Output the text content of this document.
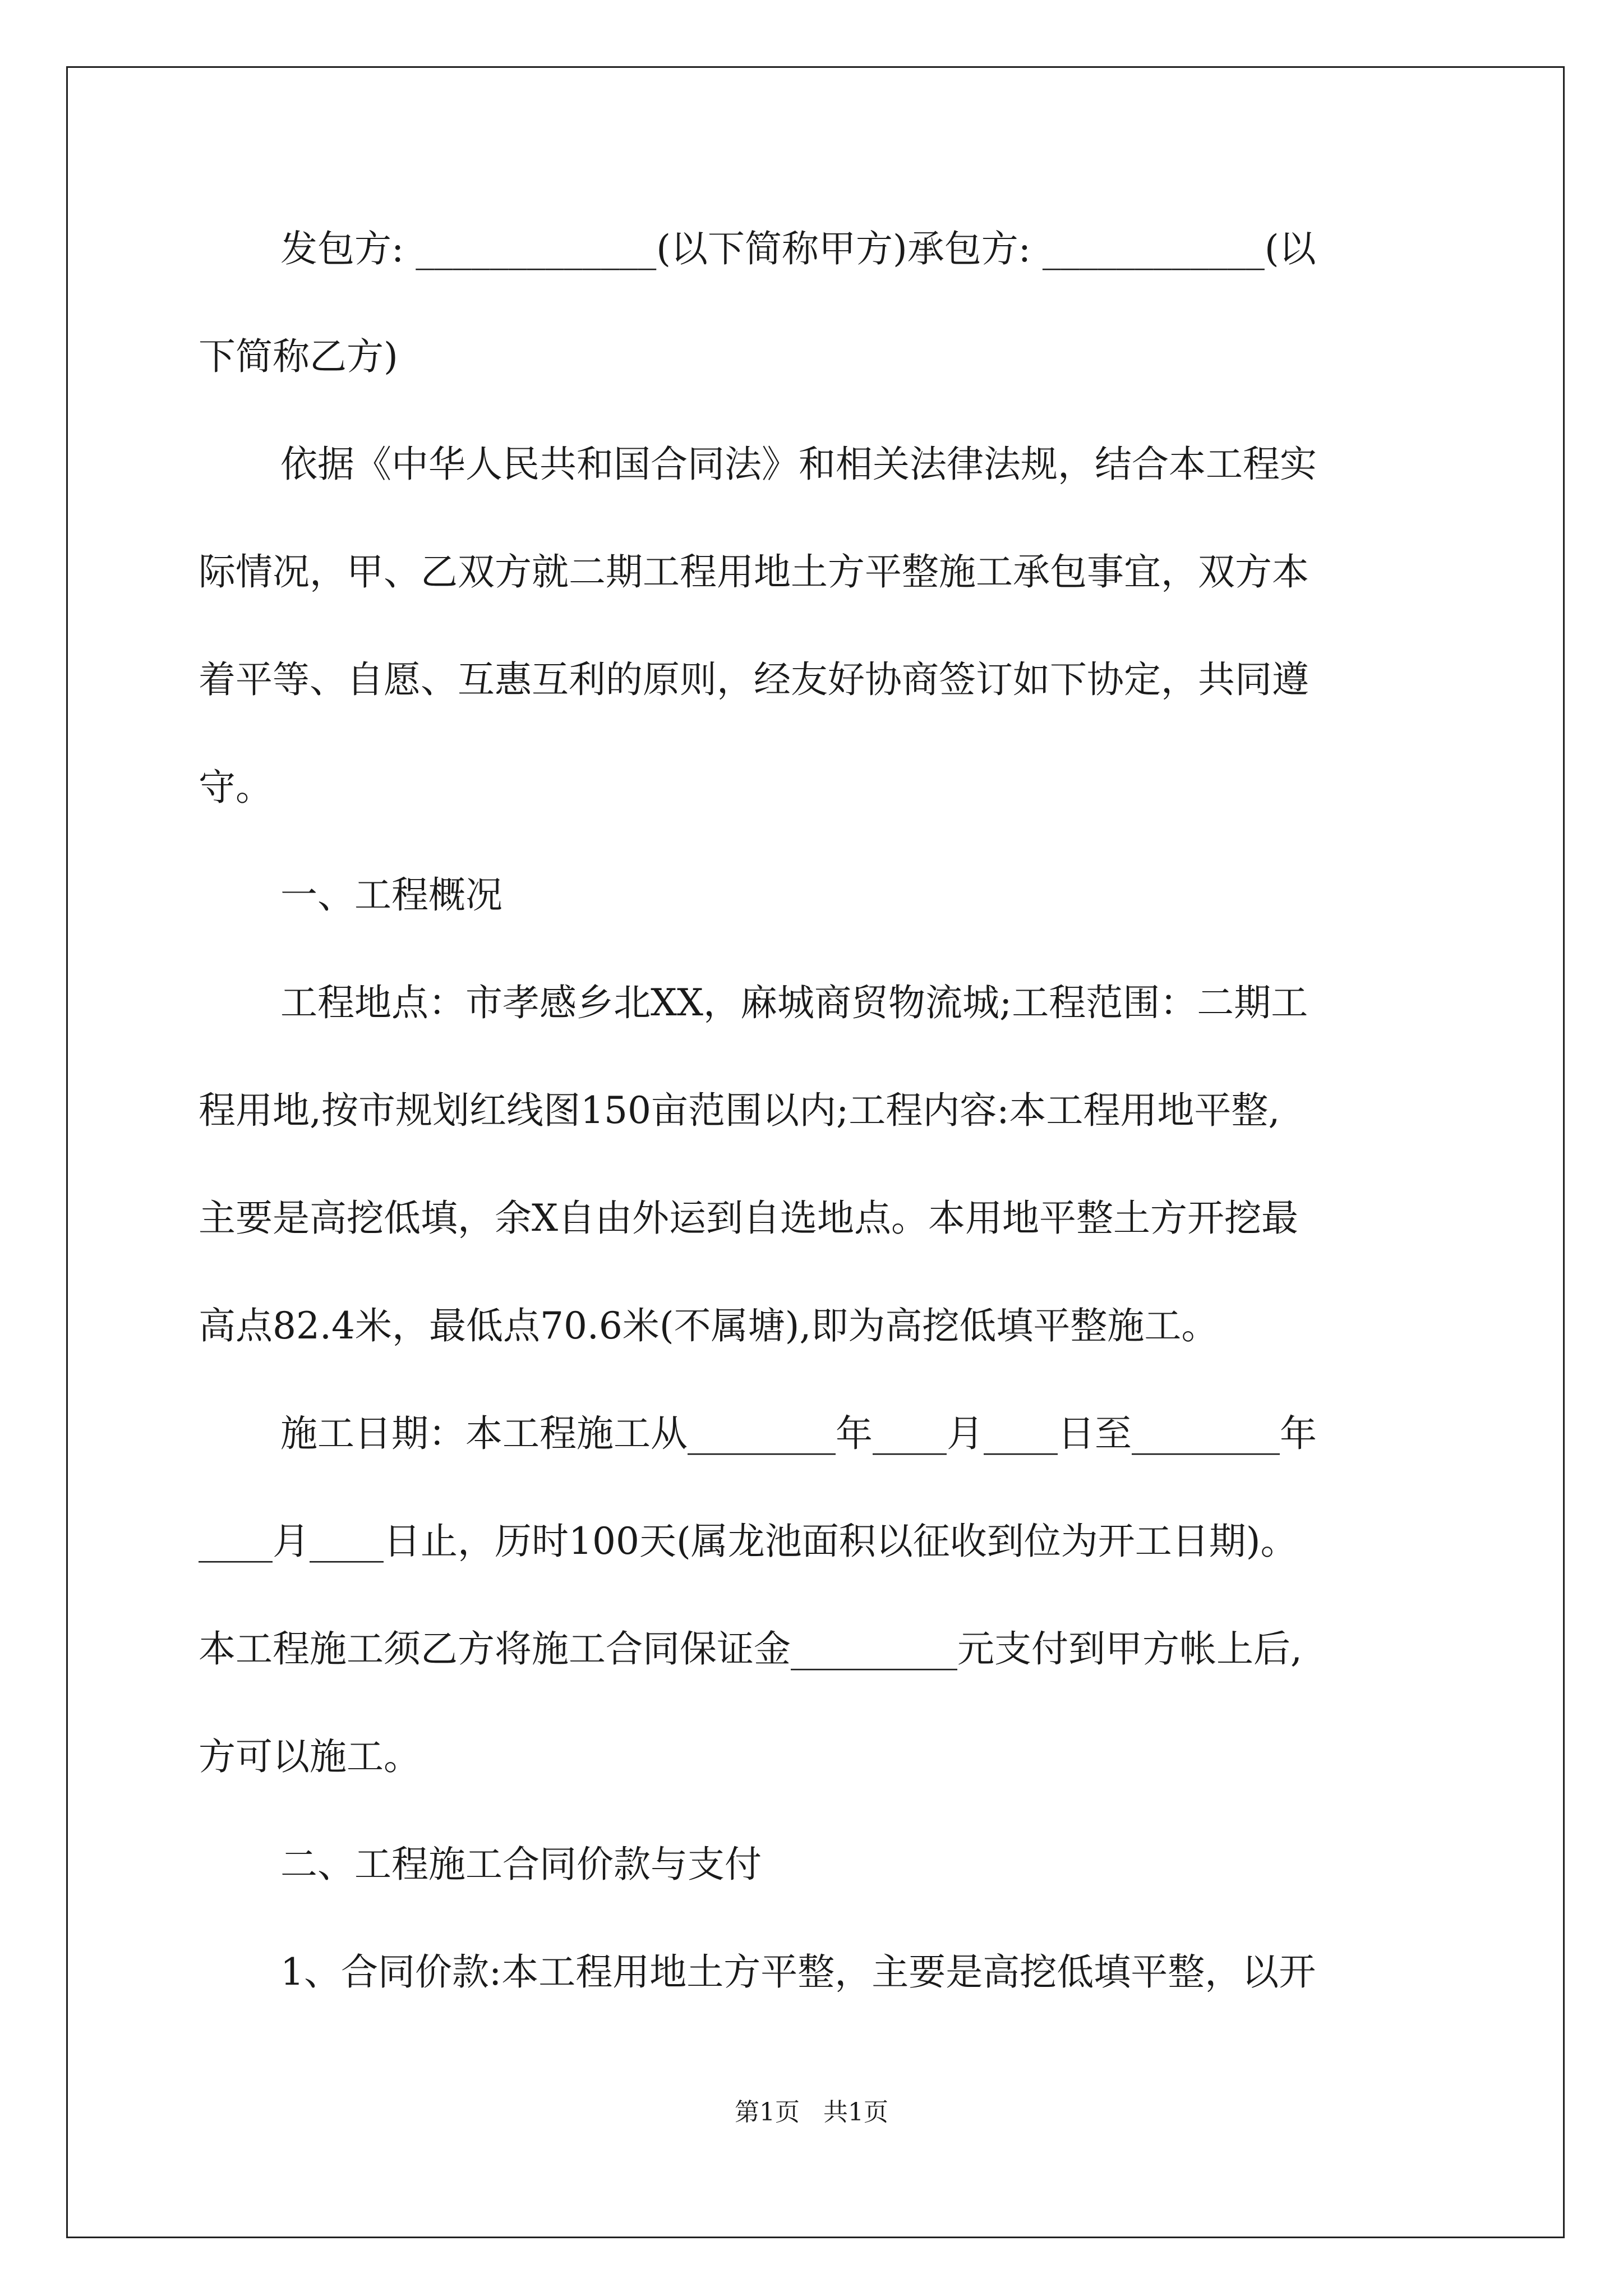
发包方: _____________(以下简称甲方)承包方: ____________(以
下简称乙方)
依据《中华人民共和国合同法》和相关法律法规，结合本工程实
际情况，甲、乙双方就二期工程用地土方平整施工承包事宜，双方本
着平等、自愿、互惠互利的原则，经友好协商签订如下协定，共同遵
守。
一、工程概况
工程地点：市孝感乡北XX，麻城商贸物流城;工程范围：二期工
程用地,按市规划红线图150亩范围以内;工程内容:本工程用地平整,
主要是高挖低填，余X自由外运到自选地点。本用地平整土方开挖最
高点82.4米，最低点70.6米(不属塘),即为高挖低填平整施工。
施工日期：本工程施工从________年____月____日至________年
____月____日止，历时100天(属龙池面积以征收到位为开工日期)。
本工程施工须乙方将施工合同保证金_________元支付到甲方帐上后,
方可以施工。
二、工程施工合同价款与支付
1、合同价款:本工程用地土方平整，主要是高挖低填平整，以开
第1页   共1页
